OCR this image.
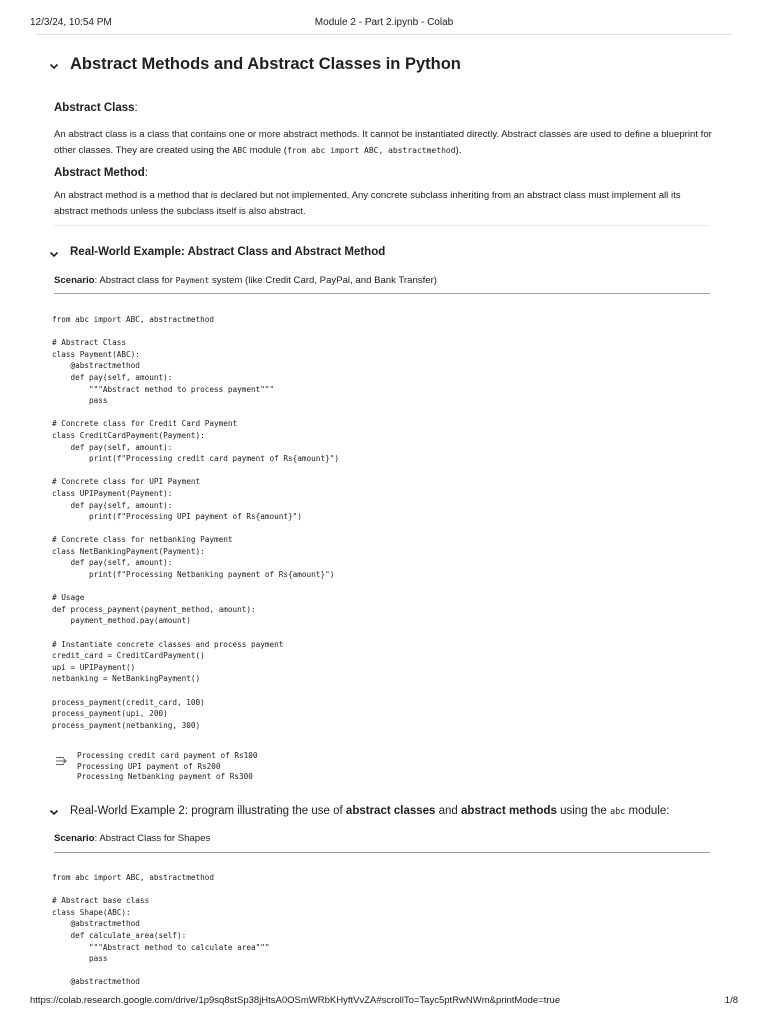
12/3/24, 10:54 PM	Module 2 - Part 2.ipynb - Colab
Abstract Methods and Abstract Classes in Python
Abstract Class:
An abstract class is a class that contains one or more abstract methods. It cannot be instantiated directly. Abstract classes are used to define a blueprint for other classes. They are created using the ABC module (from abc import ABC, abstractmethod).
Abstract Method:
An abstract method is a method that is declared but not implemented. Any concrete subclass inheriting from an abstract class must implement all its abstract methods unless the subclass itself is also abstract.
Real-World Example: Abstract Class and Abstract Method
Scenario: Abstract class for Payment system (like Credit Card, PayPal, and Bank Transfer)
from abc import ABC, abstractmethod

# Abstract Class
class Payment(ABC):
@abstractmethod
def pay(self, amount):
"""Abstract method to process payment"""
pass

# Concrete class for Credit Card Payment
class CreditCardPayment(Payment):
def pay(self, amount):
print(f"Processing credit card payment of Rs{amount}")

# Concrete class for UPI Payment
class UPIPayment(Payment):
def pay(self, amount):
print(f"Processing UPI payment of Rs{amount}")

# Concrete class for netbanking Payment
class NetBankingPayment(Payment):
def pay(self, amount):
print(f"Processing Netbanking payment of Rs{amount}")

# Usage
def process_payment(payment_method, amount):
payment_method.pay(amount)

# Instantiate concrete classes and process payment
credit_card = CreditCardPayment()
upi = UPIPayment()
netbanking = NetBankingPayment()

process_payment(credit_card, 100)
process_payment(upi, 200)
process_payment(netbanking, 300)
Processing credit card payment of Rs100
Processing UPI payment of Rs200
Processing Netbanking payment of Rs300
Real-World Example 2: program illustrating the use of abstract classes and abstract methods using the abc module:
Scenario: Abstract Class for Shapes
from abc import ABC, abstractmethod

# Abstract base class
class Shape(ABC):
@abstractmethod
def calculate_area(self):
"""Abstract method to calculate area"""
pass

@abstractmethod
https://colab.research.google.com/drive/1p9sq8stSp38jHtsA0OSmWRbKHyftVvZA#scrollTo=Tayc5ptRwNWm&printMode=true	1/8
